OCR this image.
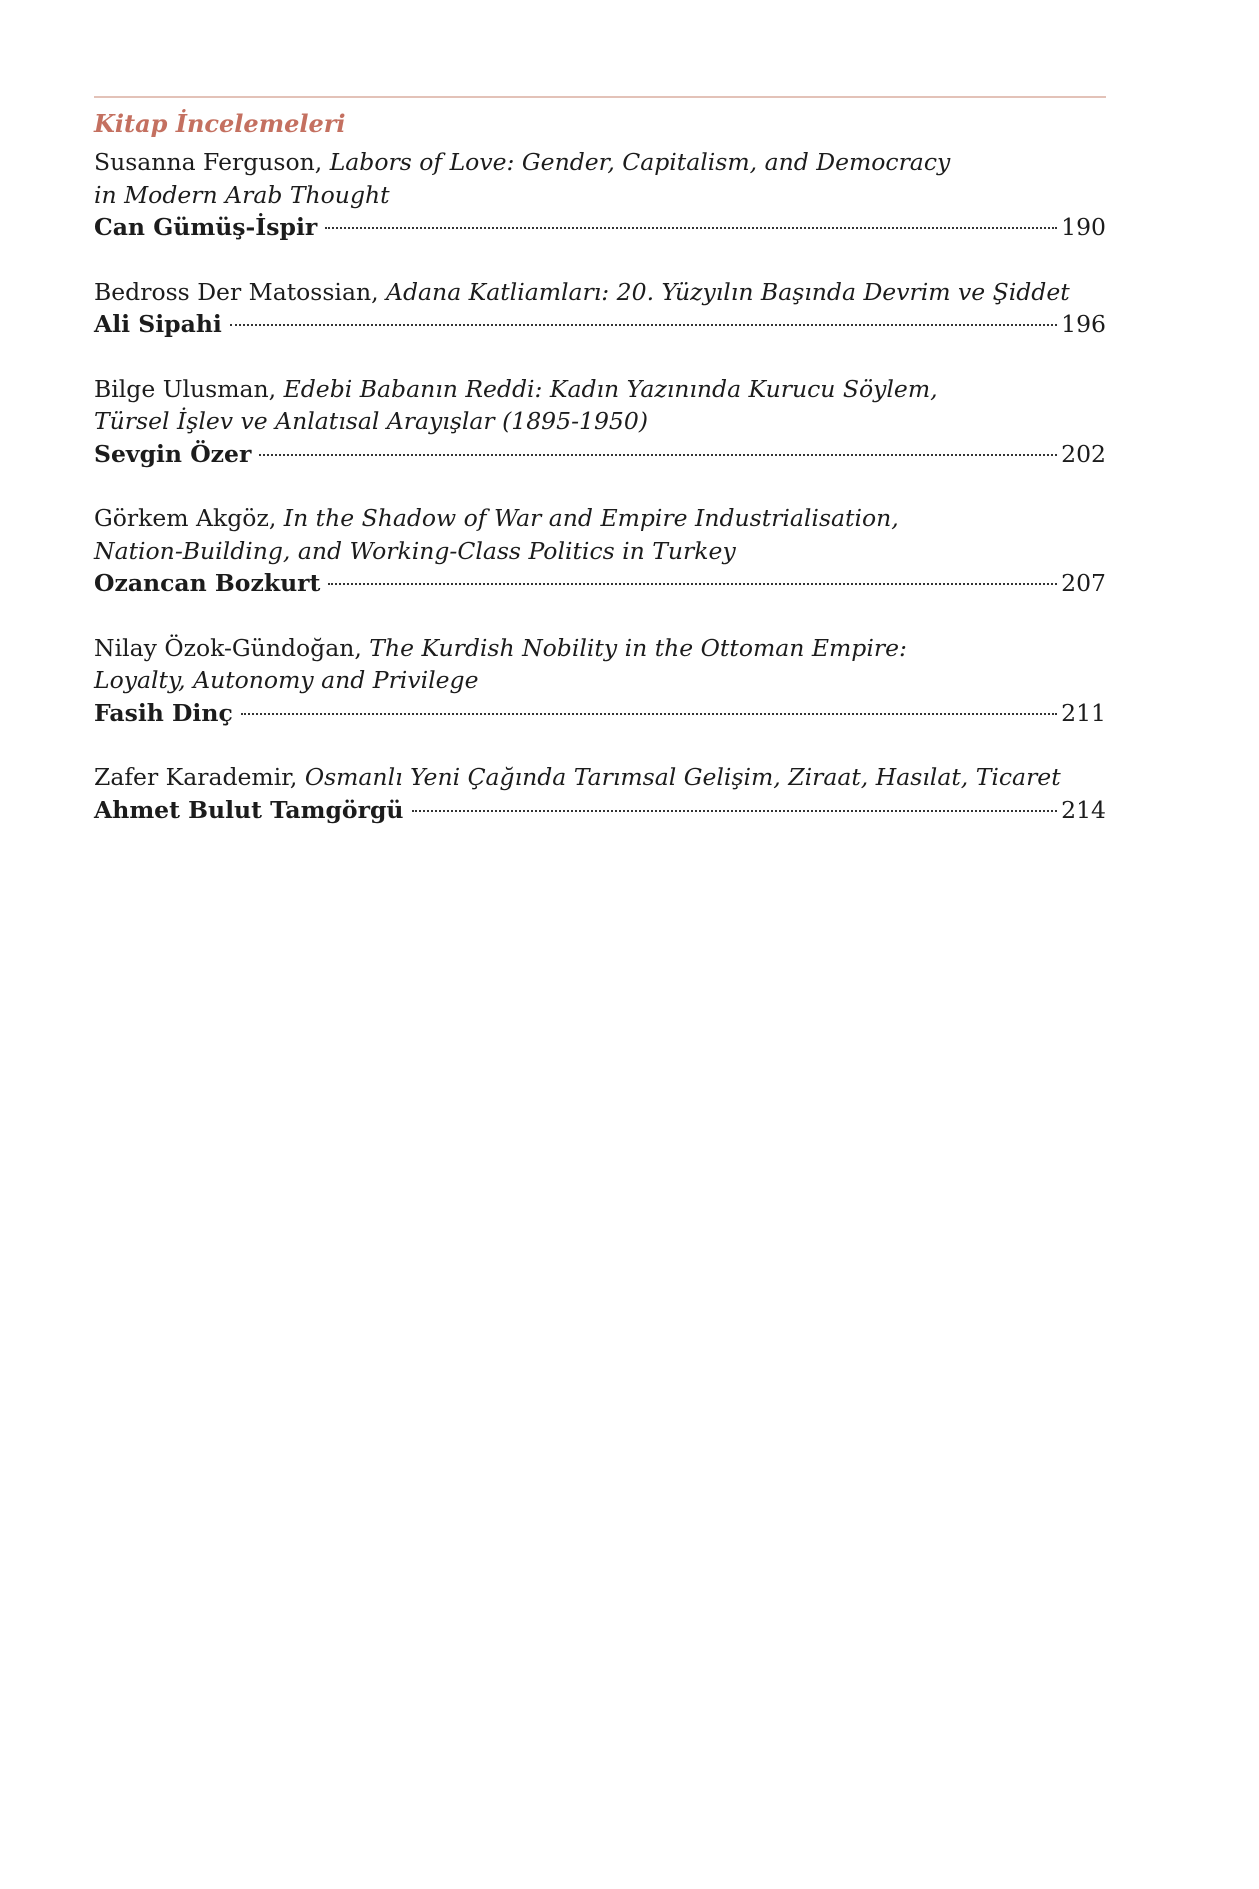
Kitap İncelemeleri
Susanna Ferguson, Labors of Love: Gender, Capitalism, and Democracy
in Modern Arab Thought
Can Gümüş-İspir	190
Bedross Der Matossian, Adana Katliamları: 20. Yüzyılın Başında Devrim ve Şiddet
Ali Sipahi	196
Bilge Ulusman, Edebi Babanın Reddi: Kadın Yazınında Kurucu Söylem,
Türsel İşlev ve Anlatısal Arayışlar (1895-1950)
Sevgin Özer	202
Görkem Akgöz, In the Shadow of War and Empire Industrialisation,
Nation-Building, and Working-Class Politics in Turkey
Ozancan Bozkurt	207
Nilay Özok-Gündoğan, The Kurdish Nobility in the Ottoman Empire:
Loyalty, Autonomy and Privilege
Fasih Dinç	211
Zafer Karademir, Osmanlı Yeni Çağında Tarımsal Gelişim, Ziraat, Hasılat, Ticaret
Ahmet Bulut Tamgörgü	214
